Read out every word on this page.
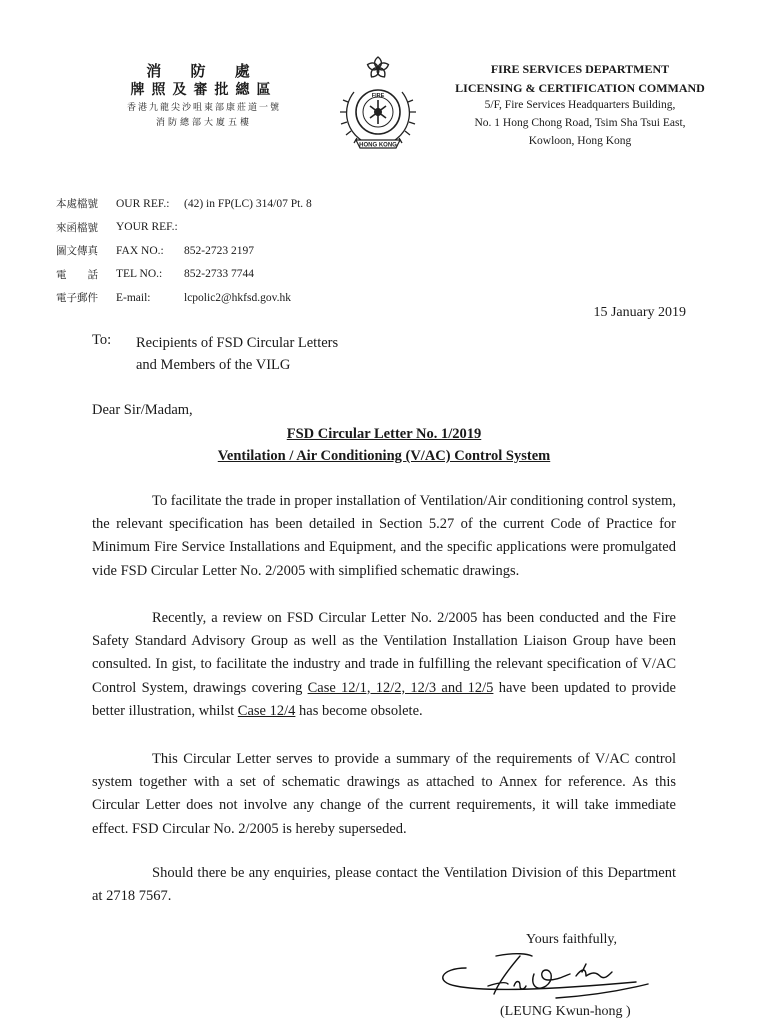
消 防 處
牌照及審批總區
香港九龍尖沙咀東部康莊道一號
消防總部大廈五樓
FIRE
HONG KONG
FIRE SERVICES DEPARTMENT
LICENSING & CERTIFICATION COMMAND
5/F, Fire Services Headquarters Building,
No. 1 Hong Chong Road, Tsim Sha Tsui East,
Kowloon, Hong Kong
本處檔號	OUR REF.:	(42) in FP(LC) 314/07 Pt. 8
來函檔號	YOUR REF.:
圖文傳真	FAX NO.:	852-2723 2197
電　　話	TEL NO.:	852-2733 7744
電子郵件	E-mail:	lcpolic2@hkfsd.gov.hk
15 January 2019
To: Recipients of FSD Circular Letters
and Members of the VILG
Dear Sir/Madam,
FSD Circular Letter No. 1/2019
Ventilation / Air Conditioning (V/AC) Control System

To facilitate the trade in proper installation of Ventilation/Air conditioning control system, the relevant specification has been detailed in Section 5.27 of the current Code of Practice for Minimum Fire Service Installations and Equipment, and the specific applications were promulgated vide FSD Circular Letter No. 2/2005 with simplified schematic drawings.

Recently, a review on FSD Circular Letter No. 2/2005 has been conducted and the Fire Safety Standard Advisory Group as well as the Ventilation Installation Liaison Group have been consulted. In gist, to facilitate the industry and trade in fulfilling the relevant specification of V/AC Control System, drawings covering Case 12/1, 12/2, 12/3 and 12/5 have been updated to provide better illustration, whilst Case 12/4 has become obsolete.

This Circular Letter serves to provide a summary of the requirements of V/AC control system together with a set of schematic drawings as attached to Annex for reference. As this Circular Letter does not involve any change of the current requirements, it will take immediate effect. FSD Circular No. 2/2005 is hereby superseded.

Should there be any enquiries, please contact the Ventilation Division of this Department at 2718 7567.

Yours faithfully,
(LEUNG Kwun-hong )
